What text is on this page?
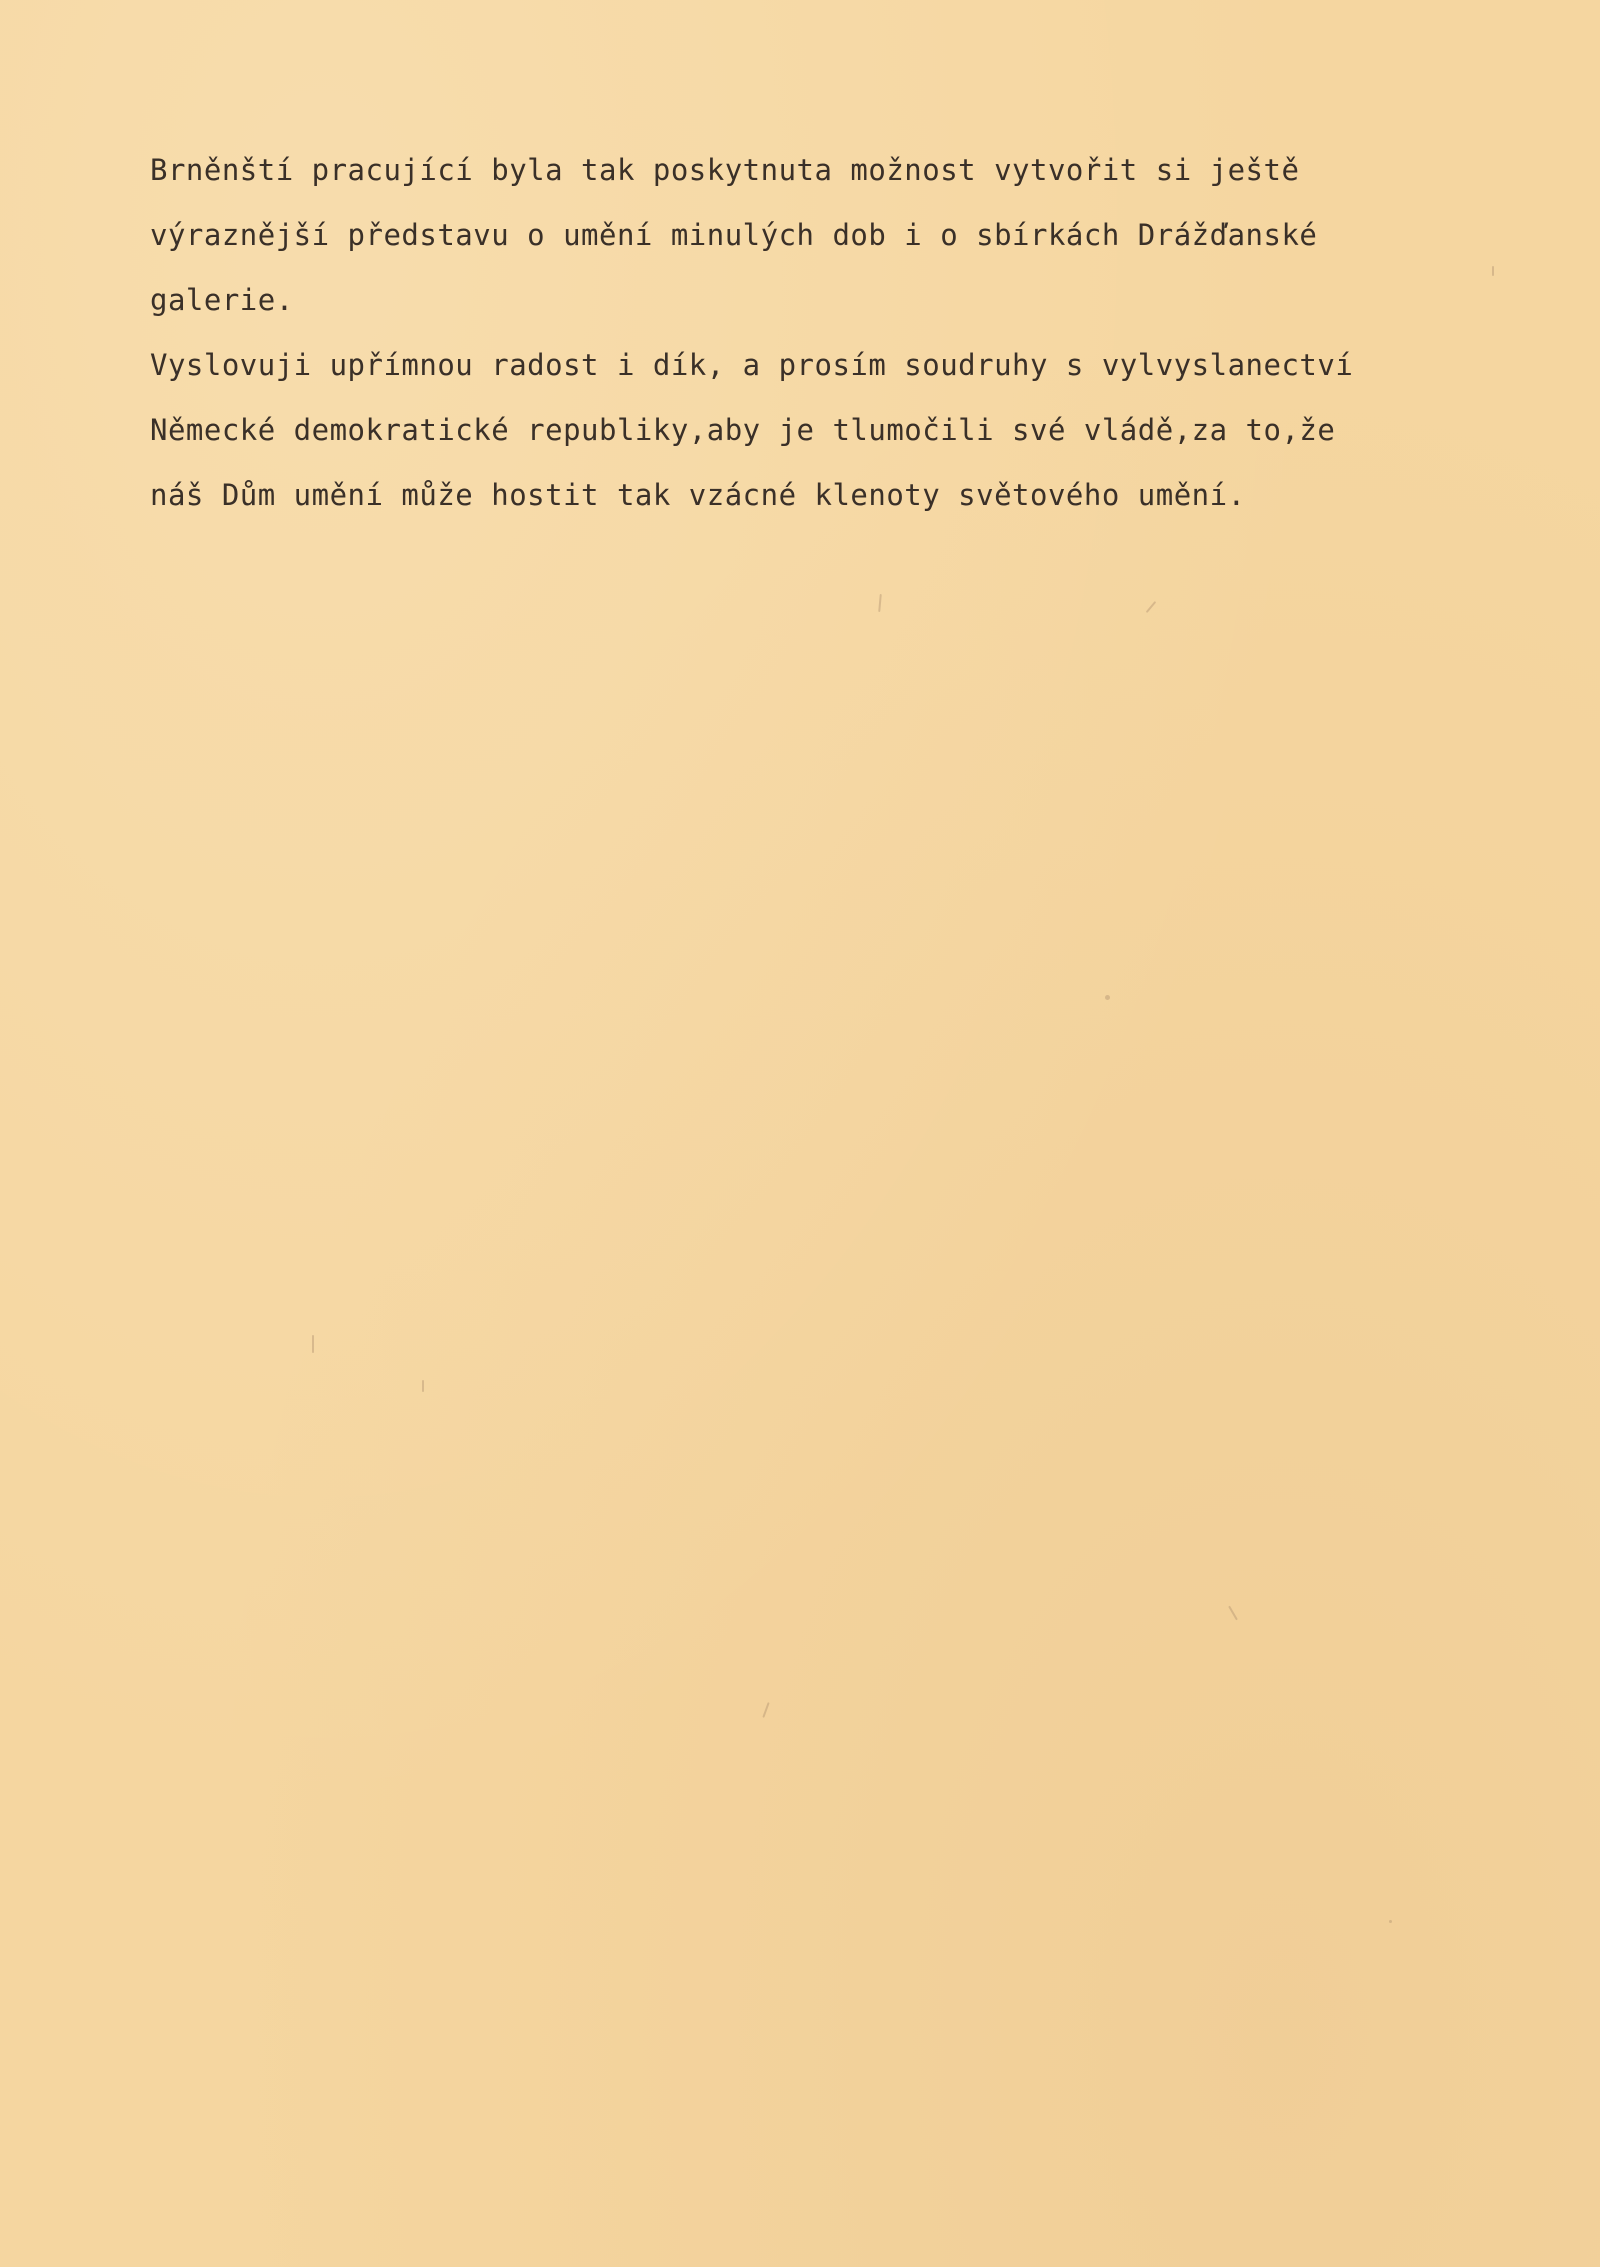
Brněnští pracující byla tak poskytnuta možnost vytvořit si ještě
výraznější představu o umění minulých dob i o sbírkách Drážďanské
galerie.
Vyslovuji upřímnou radost i dík, a prosím soudruhy s vylvyslanectví
Německé demokratické republiky,aby je tlumočili své vládě,za to,že
náš Dům umění může hostit tak vzácné klenoty světového umění.
